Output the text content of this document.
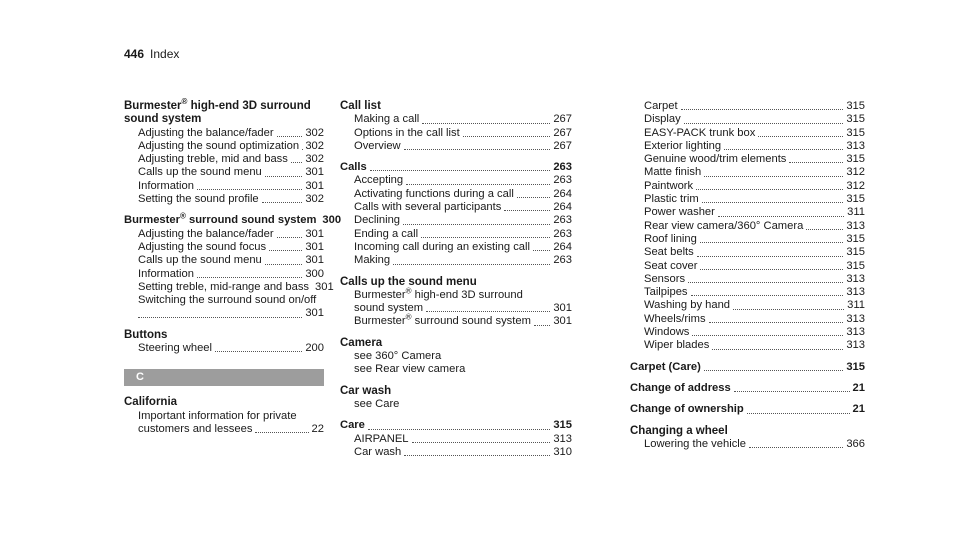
446 Index
Burmester® high-end 3D surround
sound system
Adjusting the balance/fader	302
Adjusting the sound optimization 302
Adjusting treble, mid and bass 302
Calls up the sound menu	301
Information	301
Setting the sound profile	302
Burmester® surround sound system 300
Adjusting the balance/fader	301
Adjusting the sound focus	301
Calls up the sound menu	301
Information	300
Setting treble, mid-range and bass 301
Switching the surround sound on/off
301
Buttons
Steering wheel	200
C
California
Important information for private
customers and lessees	22
Call list
Making a call	267
Options in the call list	267
Overview	267
Calls	263
Accepting	263
Activating functions during a call	264
Calls with several participants	264
Declining	263
Ending a call	263
Incoming call during an existing call 264
Making	263
Calls up the sound menu
Burmester® high-end 3D surround
sound system	301
Burmester® surround sound system 301
Camera
see 360° Camera
see Rear view camera
Car wash
see Care
Care	315
AIRPANEL	313
Car wash	310
Carpet	315
Display	315
EASY-PACK trunk box	315
Exterior lighting	313
Genuine wood/trim elements	315
Matte finish	312
Paintwork	312
Plastic trim	315
Power washer	311
Rear view camera/360° Camera	313
Roof lining	315
Seat belts	315
Seat cover	315
Sensors	313
Tailpipes	313
Washing by hand	311
Wheels/rims	313
Windows	313
Wiper blades	313
Carpet (Care)	315
Change of address	21
Change of ownership	21
Changing a wheel
Lowering the vehicle	366
